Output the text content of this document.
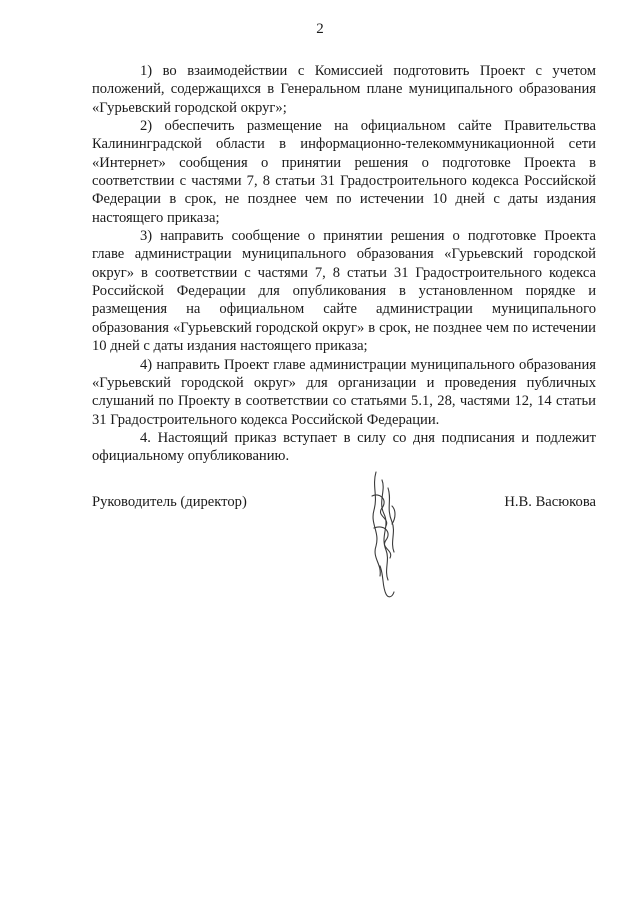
2

1) во взаимодействии с Комиссией подготовить Проект с учетом положений, содержащихся в Генеральном плане муниципального образования «Гурьевский городской округ»;

2) обеспечить размещение на официальном сайте Правительства Калининградской области в информационно-телекоммуникационной сети «Интернет» сообщения о принятии решения о подготовке Проекта в соответствии с частями 7, 8 статьи 31 Градостроительного кодекса Российской Федерации в срок, не позднее чем по истечении 10 дней с даты издания настоящего приказа;

3) направить сообщение о принятии решения о подготовке Проекта главе администрации муниципального образования «Гурьевский городской округ» в соответствии с частями 7, 8 статьи 31 Градостроительного кодекса Российской Федерации для опубликования в установленном порядке и размещения на официальном сайте администрации муниципального образования «Гурьевский городской округ» в срок, не позднее чем по истечении 10 дней с даты издания настоящего приказа;

4) направить Проект главе администрации муниципального образования «Гурьевский городской округ» для организации и проведения публичных слушаний по Проекту в соответствии со статьями 5.1, 28, частями 12, 14 статьи 31 Градостроительного кодекса Российской Федерации.

4. Настоящий приказ вступает в силу со дня подписания и подлежит официальному опубликованию.

Руководитель (директор)	Н.В. Васюкова
